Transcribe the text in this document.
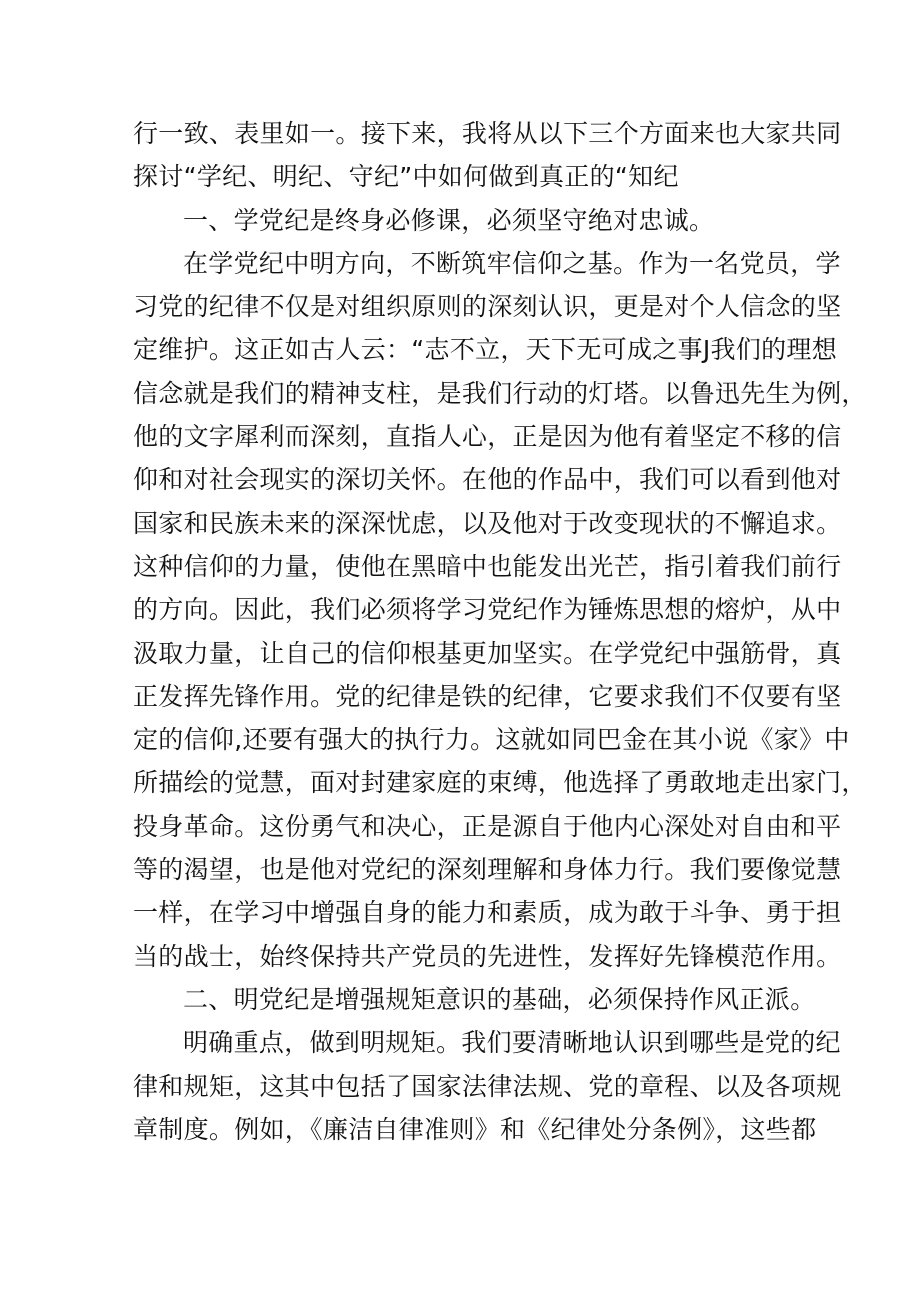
行一致、表里如一。接下来，我将从以下三个方面来也大家共同
探讨“学纪、明纪、守纪”中如何做到真正的“知纪
一、学党纪是终身必修课，必须坚守绝对忠诚。
在学党纪中明方向，不断筑牢信仰之基。作为一名党员，学
习党的纪律不仅是对组织原则的深刻认识，更是对个人信念的坚
定维护。这正如古人云：“志不立，天下无可成之事J我们的理想
信念就是我们的精神支柱，是我们行动的灯塔。以鲁迅先生为例，
他的文字犀利而深刻，直指人心，正是因为他有着坚定不移的信
仰和对社会现实的深切关怀。在他的作品中，我们可以看到他对
国家和民族未来的深深忧虑，以及他对于改变现状的不懈追求。
这种信仰的力量，使他在黑暗中也能发出光芒，指引着我们前行
的方向。因此，我们必须将学习党纪作为锤炼思想的熔炉，从中
汲取力量，让自己的信仰根基更加坚实。在学党纪中强筋骨，真
正发挥先锋作用。党的纪律是铁的纪律，它要求我们不仅要有坚
定的信仰,还要有强大的执行力。这就如同巴金在其小说《家》中
所描绘的觉慧，面对封建家庭的束缚，他选择了勇敢地走出家门，
投身革命。这份勇气和决心，正是源自于他内心深处对自由和平
等的渴望，也是他对党纪的深刻理解和身体力行。我们要像觉慧
一样，在学习中增强自身的能力和素质，成为敢于斗争、勇于担
当的战士，始终保持共产党员的先进性，发挥好先锋模范作用。
二、明党纪是增强规矩意识的基础，必须保持作风正派。
明确重点，做到明规矩。我们要清晰地认识到哪些是党的纪
律和规矩，这其中包括了国家法律法规、党的章程、以及各项规
章制度。例如，《廉洁自律准则》和《纪律处分条例》，这些都
